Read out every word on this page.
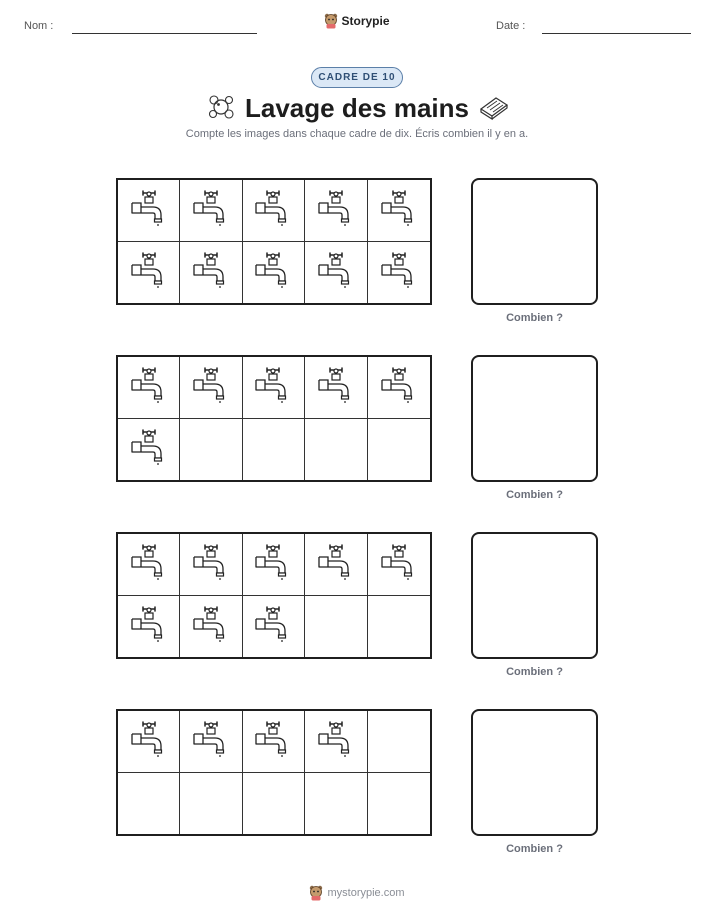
Nom :	Storypie	Date :
CADRE DE 10
Lavage des mains
Compte les images dans chaque cadre de dix. Écris combien il y en a.
Combien ?
Combien ?
Combien ?
Combien ?
mystorypie.com
